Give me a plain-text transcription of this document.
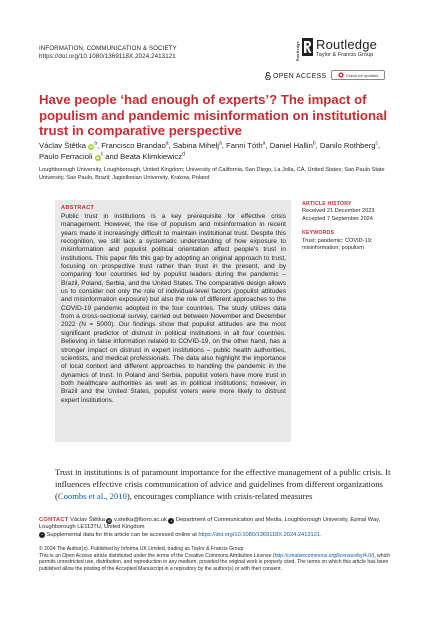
INFORMATION, COMMUNICATION & SOCIETY
https://doi.org/10.1080/1369118X.2024.2413121	Routledge Routledge
Taylor & Francis Group
OPEN ACCESS	Check for updates
Have people ‘had enough of experts’? The impact of populism and pandemic misinformation on institutional trust in comparative perspective
Václav Štětka $iD^a$, Francisco Brandao$^a$, Sabina Mihelj$^a$, Fanni Tóth$^a$, Daniel Hallin$^b$, Danilo Rothberg$^c$, Paulo Ferracioli $iD^c$ and Beata Klimkiewicz$^d$
Loughborough University, Loughborough, United Kingdom; University of California, San Diego, La Jolla, CA, United States; Sao Paulo State University, Sao Paulo, Brazil; Jagiellonian University, Krakow, Poland
ABSTRACT

Public trust in institutions is a key prerequisite for effective crisis management. However, the rise of populism and misinformation in recent years made it increasingly difficult to maintain institutional trust. Despite this recognition, we still lack a systematic understanding of how exposure to misinformation and populist political orientation affect people’s trust in institutions. This paper fills this gap by adopting an original approach to trust, focusing on prospective trust rather than trust in the present, and by comparing four countries led by populist leaders during the pandemic – Brazil, Poland, Serbia, and the United States. The comparative design allows us to consider not only the role of individual-level factors (populist attitudes and misinformation exposure) but also the role of different approaches to the COVID-19 pandemic adopted in the four countries. The study utilizes data from a cross-sectional survey, carried out between November and December 2022 (N = 5000). Our findings show that populist attitudes are the most significant predictor of distrust in political institutions in all four countries. Believing in false information related to COVID-19, on the other hand, has a stronger impact on distrust in expert institutions – public health authorities, scientists, and medical professionals. The data also highlight the importance of local context and different approaches to handling the pandemic in the dynamics of trust. In Poland and Serbia, populist voters have more trust in both healthcare authorities as well as in political institutions; however, in Brazil and the United States, populist voters were more likely to distrust expert institutions.

ARTICLE HISTORY
Received 21 December 2023
Accepted 7 September 2024
KEYWORDS
Trust; pandemic; COVID-19; misinformation; populism

Trust in institutions is of paramount importance for the effective management of a public crisis. It influences effective crisis communication of advice and guidelines from different organizations (Coombs et al., 2010), encourages compliance with crisis-related measures

CONTACT Václav Štětka @ v.stetka@lboro.ac.uk • Department of Communication and Media, Loughborough University, Epinal Way, Loughborough LE113TU, United Kingdom
+ Supplemental data for this article can be accessed online at https://doi.org/10.1080/1369118X.2024.2413121.
© 2024 The Author(s). Published by Informa UK Limited, trading as Taylor & Francis Group
This is an Open Access article distributed under the terms of the Creative Commons Attribution License (http://creativecommons.org/licenses/by/4.0/), which permits unrestricted use, distribution, and reproduction in any medium, provided the original work is properly cited. The terms on which this article has been published allow the posting of the Accepted Manuscript in a repository by the author(s) or with their consent.
